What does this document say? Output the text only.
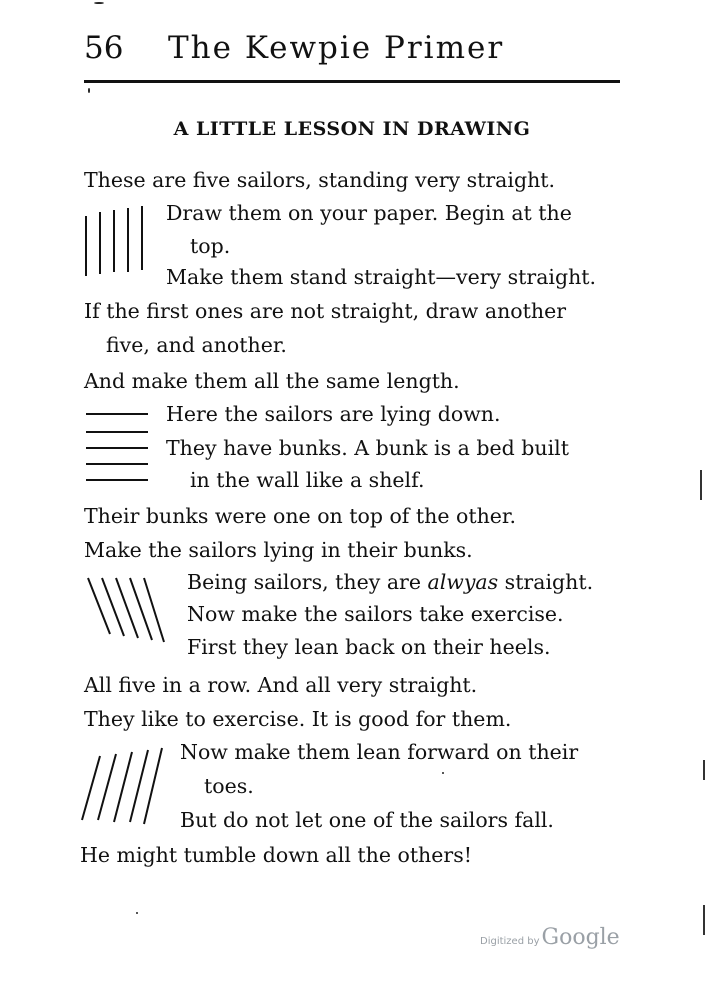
56 The Kewpie Primer
A LITTLE LESSON IN DRAWING
These are five sailors, standing very straight.
Draw them on your paper. Begin at the
top.
Make them stand straight—very straight.
If the first ones are not straight, draw another
five, and another.
And make them all the same length.
Here the sailors are lying down.
They have bunks. A bunk is a bed built
in the wall like a shelf.
Their bunks were one on top of the other.
Make the sailors lying in their bunks.
Being sailors, they are alwyas straight.
Now make the sailors take exercise.
First they lean back on their heels.
All five in a row. And all very straight.
They like to exercise. It is good for them.
Now make them lean forward on their
toes.
But do not let one of the sailors fall.
He might tumble down all the others!
Digitized byGoogle
